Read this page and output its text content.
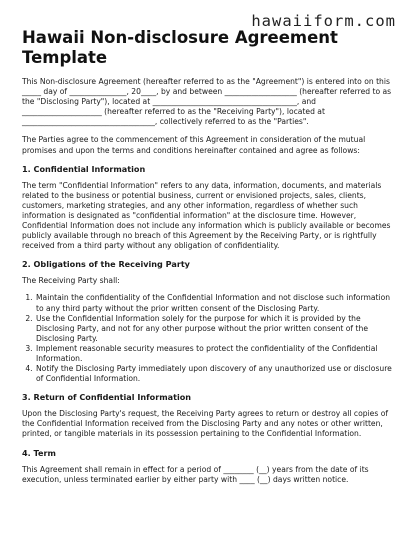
hawaiiform.com
Hawaii Non-disclosure Agreement Template

This Non-disclosure Agreement (hereafter referred to as the "Agreement") is entered into on this _____ day of _______________, 20____, by and between ___________________ (hereafter referred to as the "Disclosing Party"), located at ______________________________________, and _____________________ (hereafter referred to as the "Receiving Party"), located at ___________________________________, collectively referred to as the "Parties".

The Parties agree to the commencement of this Agreement in consideration of the mutual promises and upon the terms and conditions hereinafter contained and agree as follows:

1. Confidential Information

The term "Confidential Information" refers to any data, information, documents, and materials related to the business or potential business, current or envisioned projects, sales, clients, customers, marketing strategies, and any other information, regardless of whether such information is designated as "confidential information" at the disclosure time. However, Confidential Information does not include any information which is publicly available or becomes publicly available through no breach of this Agreement by the Receiving Party, or is rightfully received from a third party without any obligation of confidentiality.

2. Obligations of the Receiving Party

The Receiving Party shall:

1. Maintain the confidentiality of the Confidential Information and not disclose such information to any third party without the prior written consent of the Disclosing Party.
2. Use the Confidential Information solely for the purpose for which it is provided by the Disclosing Party, and not for any other purpose without the prior written consent of the Disclosing Party.
3. Implement reasonable security measures to protect the confidentiality of the Confidential Information.
4. Notify the Disclosing Party immediately upon discovery of any unauthorized use or disclosure of Confidential Information.
3. Return of Confidential Information

Upon the Disclosing Party's request, the Receiving Party agrees to return or destroy all copies of the Confidential Information received from the Disclosing Party and any notes or other written, printed, or tangible materials in its possession pertaining to the Confidential Information.

4. Term

This Agreement shall remain in effect for a period of ________ (__) years from the date of its execution, unless terminated earlier by either party with ____ (__) days written notice.
